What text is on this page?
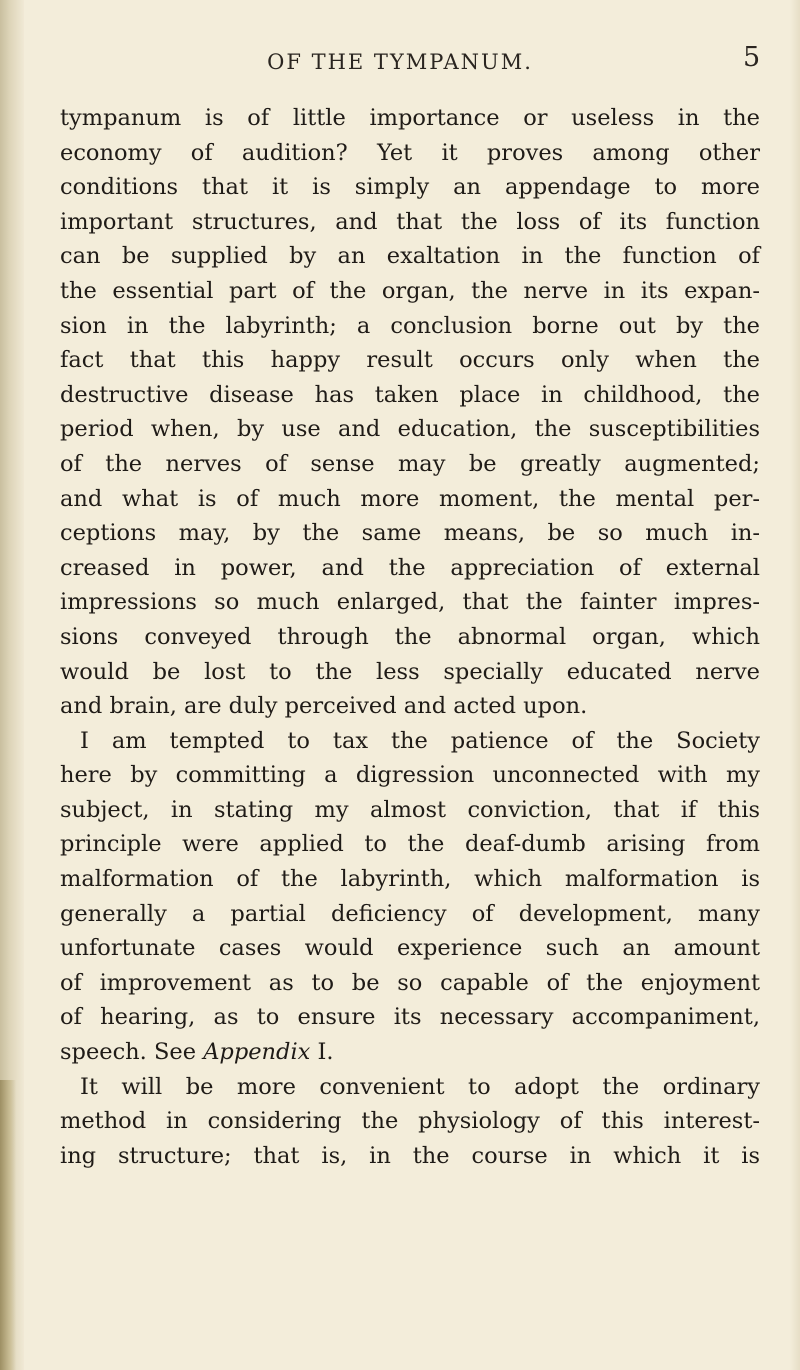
OF THE TYMPANUM.	5
tympanum is of little importance or useless in the
economy of audition? Yet it proves among other
conditions that it is simply an appendage to more
important structures, and that the loss of its function
can be supplied by an exaltation in the function of
the essential part of the organ, the nerve in its expan-
sion in the labyrinth; a conclusion borne out by the
fact that this happy result occurs only when the
destructive disease has taken place in childhood, the
period when, by use and education, the susceptibilities
of the nerves of sense may be greatly augmented;
and what is of much more moment, the mental per-
ceptions may, by the same means, be so much in-
creased in power, and the appreciation of external
impressions so much enlarged, that the fainter impres-
sions conveyed through the abnormal organ, which
would be lost to the less specially educated nerve
and brain, are duly perceived and acted upon.
I am tempted to tax the patience of the Society
here by committing a digression unconnected with my
subject, in stating my almost conviction, that if this
principle were applied to the deaf-dumb arising from
malformation of the labyrinth, which malformation is
generally a partial deficiency of development, many
unfortunate cases would experience such an amount
of improvement as to be so capable of the enjoyment
of hearing, as to ensure its necessary accompaniment,
speech. See Appendix I.
It will be more convenient to adopt the ordinary
method in considering the physiology of this interest-
ing structure; that is, in the course in which it is
